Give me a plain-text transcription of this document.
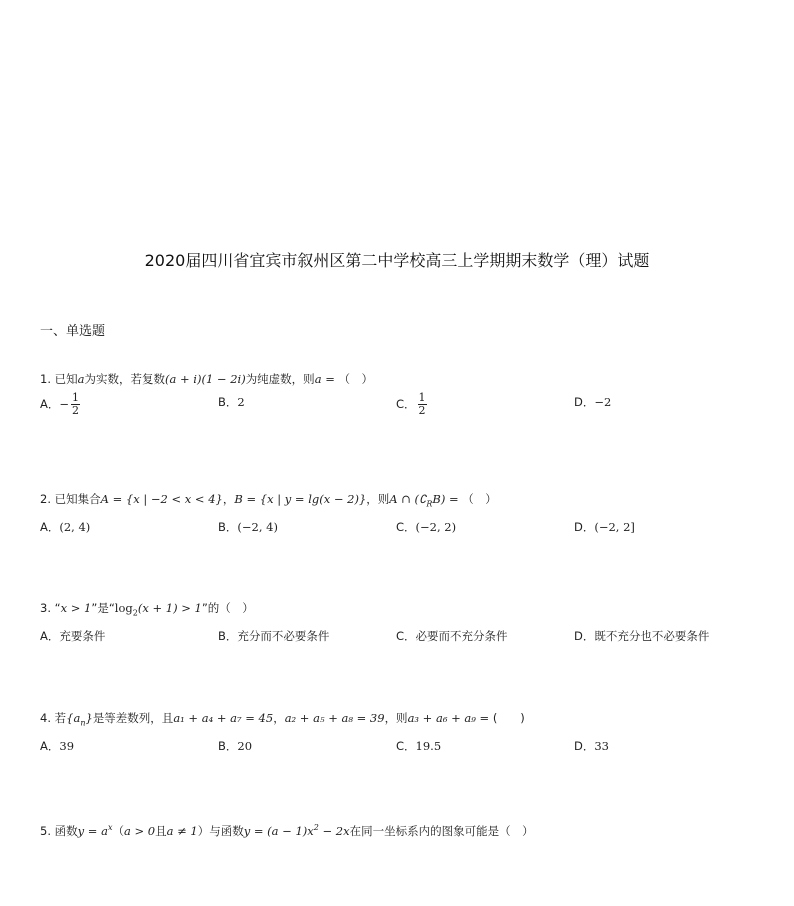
2020届四川省宜宾市叙州区第二中学校高三上学期期末数学（理）试题
一、单选题
1. 已知a为实数，若复数(a + i)(1 − 2i)为纯虚数，则a = （　）
A．− $\frac{1}{2}$	B．2	C． $\frac{1}{2}$	D．−2
2. 已知集合A = {x | −2 < x < 4}，B = {x | y = lg(x − 2)}，则A ∩ $(∁_RB)$ = （　）
A．(2, 4)	B．(−2, 4)	C．(−2, 2)	D．(−2, 2]
3. “x > 1”是“$\log_2(x + 1) > 1$”的（　）
A．充要条件	B．充分而不必要条件	C．必要而不充分条件	D．既不充分也不必要条件
4. 若$\{a_n\}$是等差数列，且a₁ + a₄ + a₇ = 45，a₂ + a₅ + a₈ = 39，则a₃ + a₆ + a₉ = (　　)
A．39	B．20	C．19.5	D．33
5. 函数$y = a^x(a > 0$且a ≠ 1）与函数$y = (a - 1)x^2 - 2x$在同一坐标系内的图象可能是（　）
